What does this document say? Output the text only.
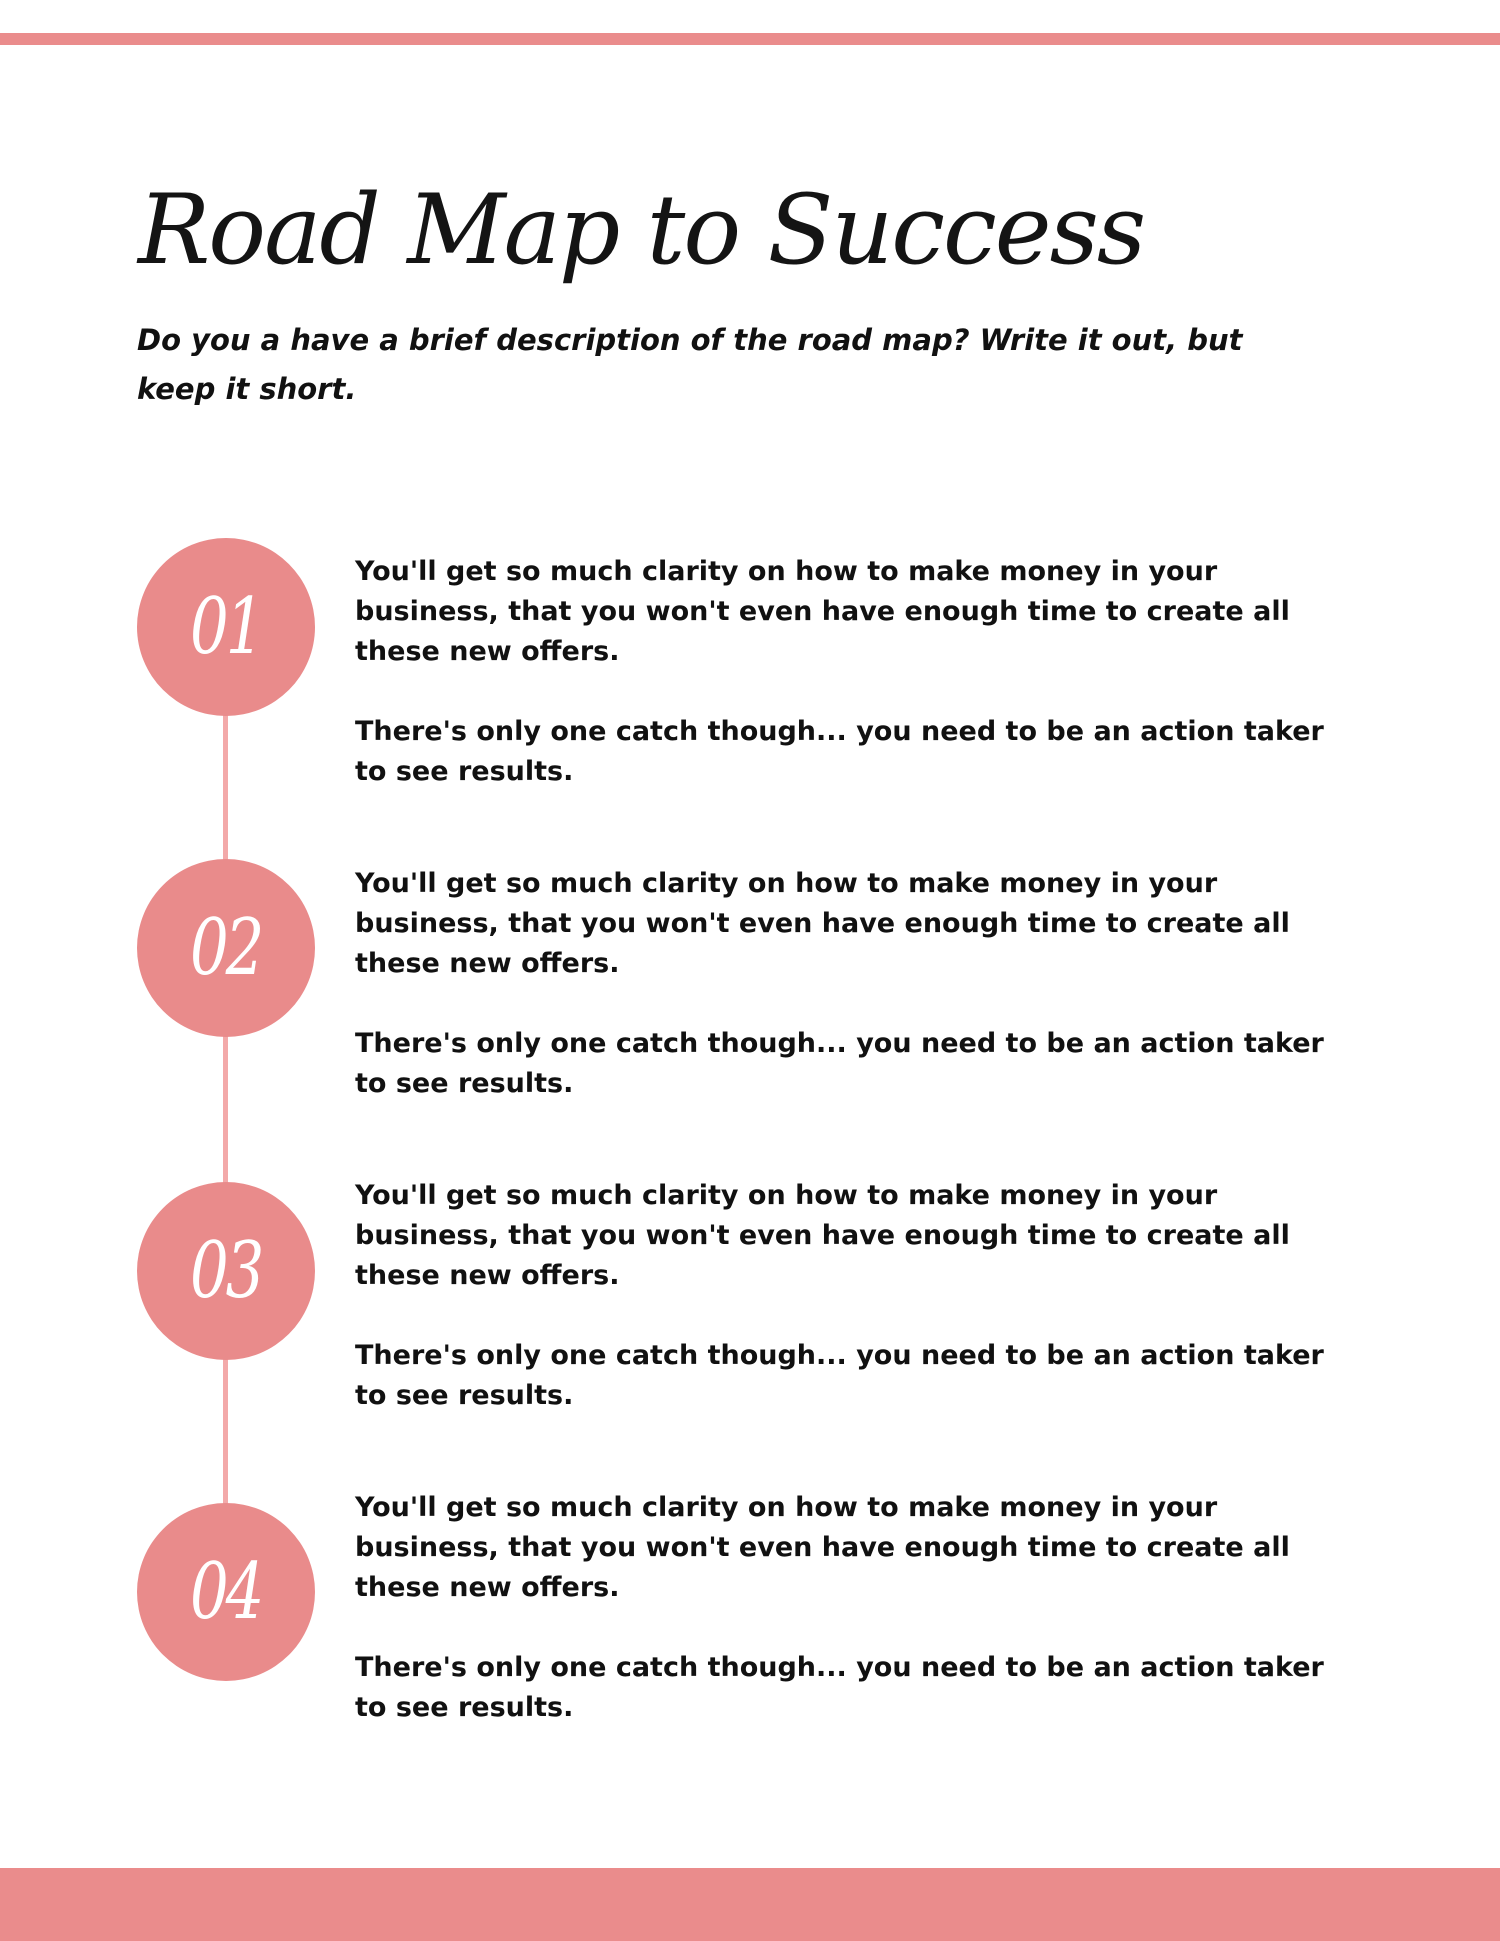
Road Map to Success

Do you a have a brief description of the road map? Write it out, but keep it short.

01

You'll get so much clarity on how to make money in your business, that you won't even have enough time to create all these new offers.

There's only one catch though... you need to be an action taker to see results.

02

You'll get so much clarity on how to make money in your business, that you won't even have enough time to create all these new offers.

There's only one catch though... you need to be an action taker to see results.

03

You'll get so much clarity on how to make money in your business, that you won't even have enough time to create all these new offers.

There's only one catch though... you need to be an action taker to see results.

04

You'll get so much clarity on how to make money in your business, that you won't even have enough time to create all these new offers.

There's only one catch though... you need to be an action taker to see results.
